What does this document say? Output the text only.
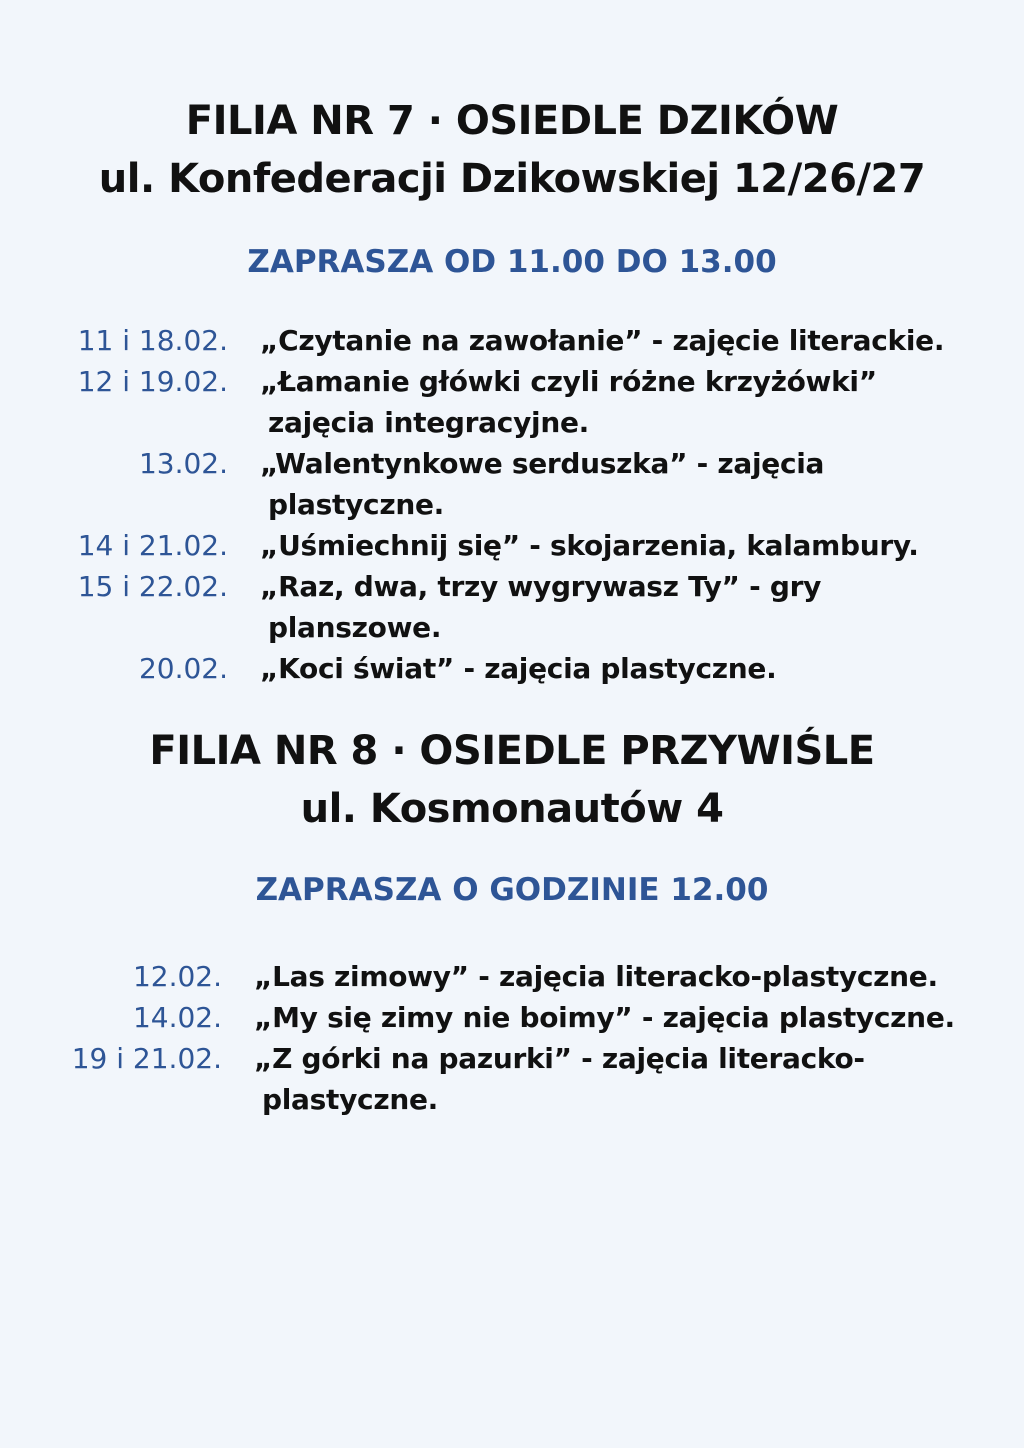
FILIA NR 7 · OSIEDLE DZIKÓW
ul. Konfederacji Dzikowskiej 12/26/27
ZAPRASZA OD 11.00 DO 13.00
11 i 18.02. „Czytanie na zawołanie” - zajęcie literackie.
12 i 19.02. „Łamanie główki czyli różne krzyżówki”
zajęcia integracyjne.
13.02. „Walentynkowe serduszka” - zajęcia
plastyczne.
14 i 21.02. „Uśmiechnij się” - skojarzenia, kalambury.
15 i 22.02. „Raz, dwa, trzy wygrywasz Ty” - gry
planszowe.
20.02. „Koci świat” - zajęcia plastyczne.
FILIA NR 8 · OSIEDLE PRZYWIŚLE
ul. Kosmonautów 4
ZAPRASZA O GODZINIE 12.00
12.02. „Las zimowy” - zajęcia literacko-plastyczne.
14.02. „My się zimy nie boimy” - zajęcia plastyczne.
19 i 21.02. „Z górki na pazurki” - zajęcia literacko-
plastyczne.
